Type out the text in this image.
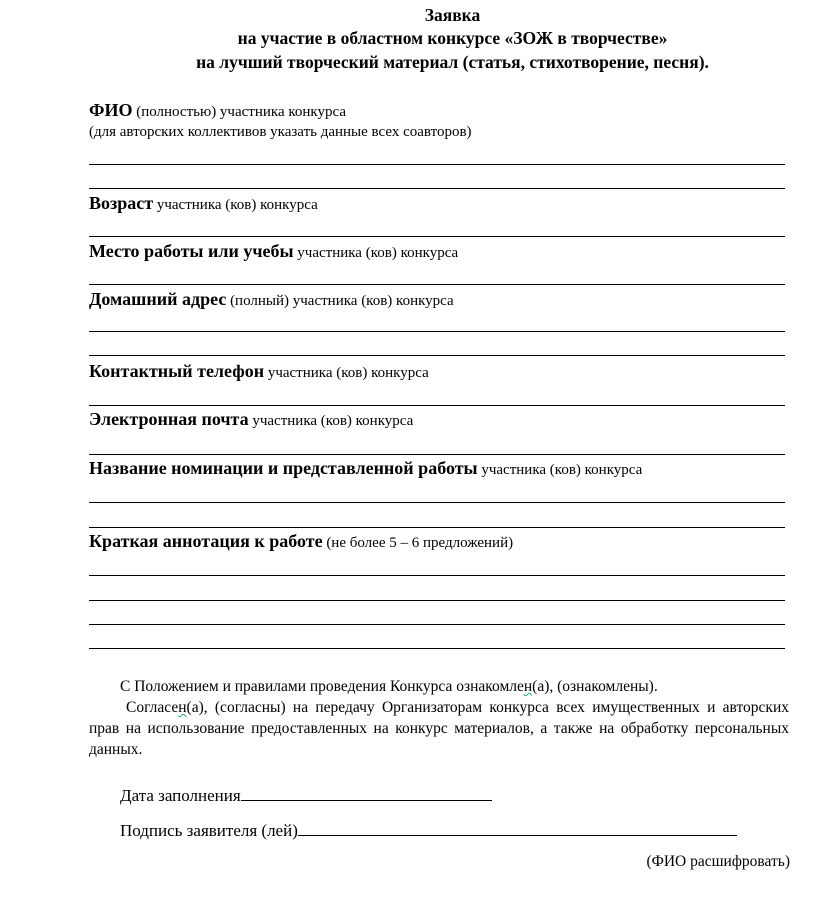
Заявка
на участие в областном конкурсе «ЗОЖ в творчестве»
на лучший творческий материал (статья, стихотворение, песня).
ФИО (полностью) участника конкурса
(для авторских коллективов указать данные всех соавторов)
Возраст участника (ков) конкурса
Место работы или учебы участника (ков) конкурса
Домашний адрес (полный) участника (ков) конкурса
Контактный телефон участника (ков) конкурса
Электронная почта участника (ков) конкурса
Название номинации и представленной работы участника (ков) конкурса
Краткая аннотация к работе (не более 5 – 6 предложений)
С Положением и правилами проведения Конкурса ознакомлен(а), (ознакомлены).
Согласен(а), (согласны) на передачу Организаторам конкурса всех имущественных и авторских прав на использование предоставленных на конкурс материалов, а также на обработку персональных данных.
Дата заполнения
Подпись заявителя (лей)
(ФИО расшифровать)
